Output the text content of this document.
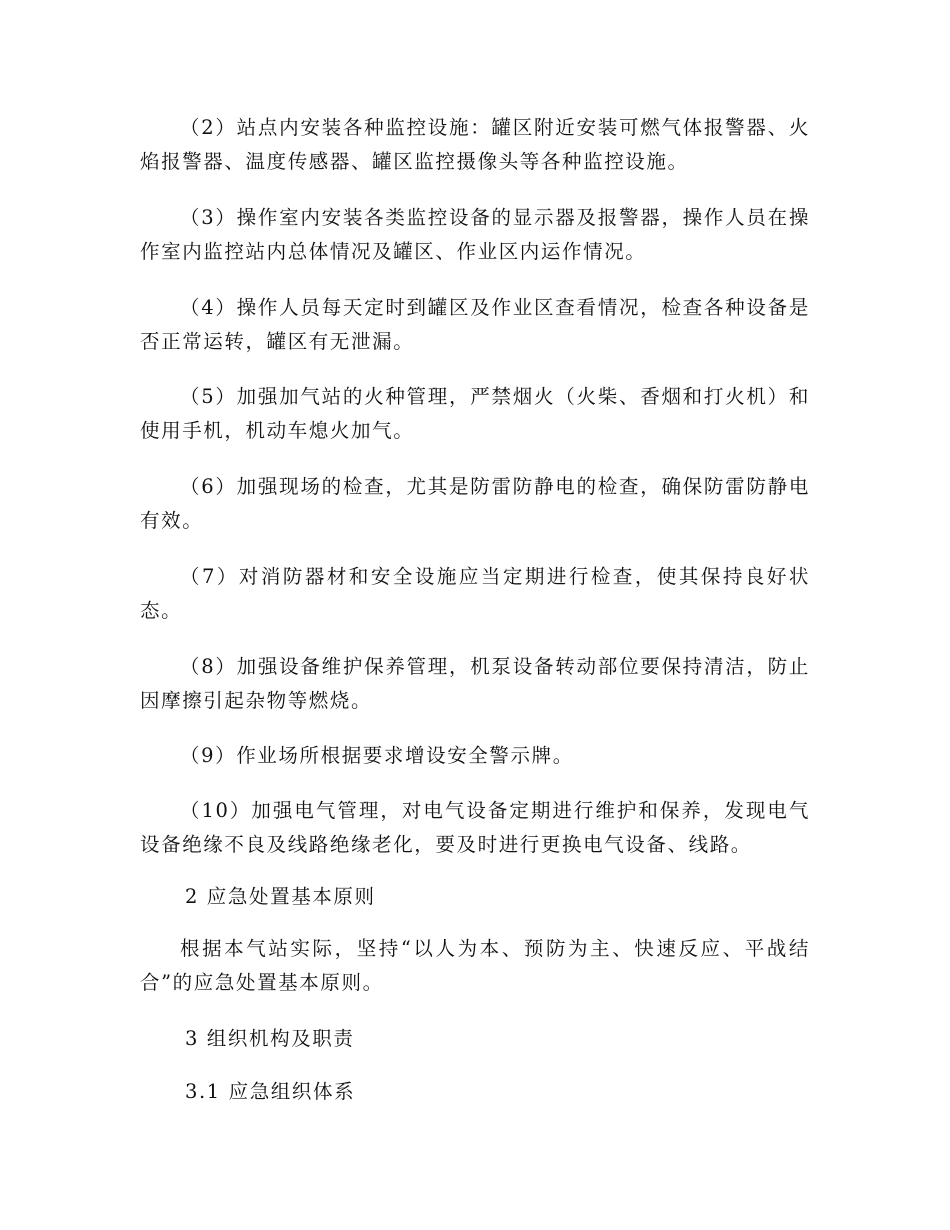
（2）站点内安装各种监控设施：罐区附近安装可燃气体报警器、火焰报警器、温度传感器、罐区监控摄像头等各种监控设施。

（3）操作室内安装各类监控设备的显示器及报警器，操作人员在操作室内监控站内总体情况及罐区、作业区内运作情况。

（4）操作人员每天定时到罐区及作业区查看情况，检查各种设备是否正常运转，罐区有无泄漏。

（5）加强加气站的火种管理，严禁烟火（火柴、香烟和打火机）和使用手机，机动车熄火加气。

（6）加强现场的检查，尤其是防雷防静电的检查，确保防雷防静电有效。

（7）对消防器材和安全设施应当定期进行检查，使其保持良好状态。

（8）加强设备维护保养管理，机泵设备转动部位要保持清洁，防止因摩擦引起杂物等燃烧。

（9）作业场所根据要求增设安全警示牌。

（10）加强电气管理，对电气设备定期进行维护和保养，发现电气设备绝缘不良及线路绝缘老化，要及时进行更换电气设备、线路。

2 应急处置基本原则

根据本气站实际，坚持“以人为本、预防为主、快速反应、平战结合”的应急处置基本原则。

3 组织机构及职责

3.1 应急组织体系
